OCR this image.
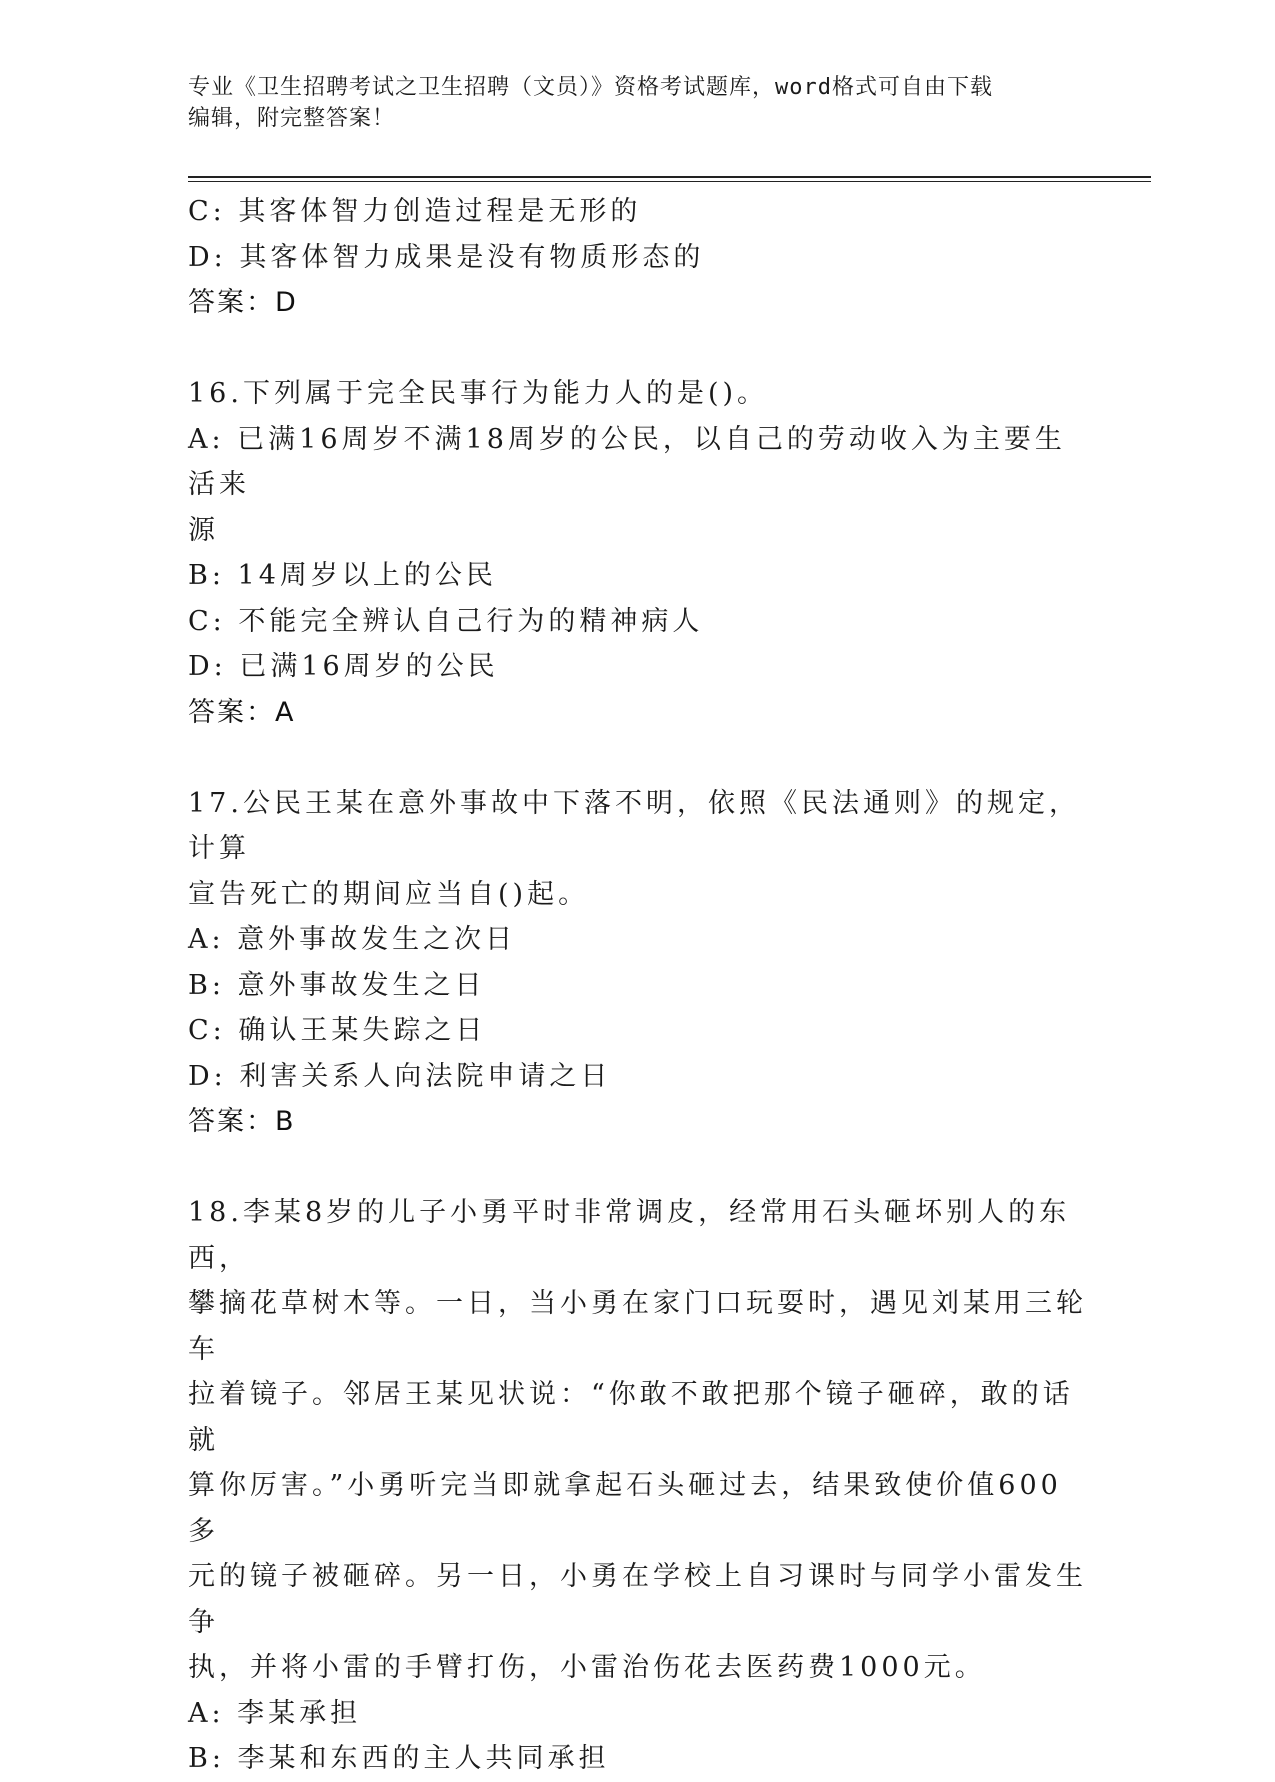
专业《卫生招聘考试之卫生招聘（文员）》资格考试题库，word格式可自由下载
编辑，附完整答案！
C: 其客体智力创造过程是无形的
D: 其客体智力成果是没有物质形态的
答案：D
16.下列属于完全民事行为能力人的是()。
A: 已满16周岁不满18周岁的公民，以自己的劳动收入为主要生活来
源
B: 14周岁以上的公民
C: 不能完全辨认自己行为的精神病人
D: 已满16周岁的公民
答案：A
17.公民王某在意外事故中下落不明，依照《民法通则》的规定，计算
宣告死亡的期间应当自()起。
A: 意外事故发生之次日
B: 意外事故发生之日
C: 确认王某失踪之日
D: 利害关系人向法院申请之日
答案：B
18.李某8岁的儿子小勇平时非常调皮，经常用石头砸坏别人的东西，
攀摘花草树木等。一日，当小勇在家门口玩耍时，遇见刘某用三轮车
拉着镜子。邻居王某见状说：“你敢不敢把那个镜子砸碎，敢的话就
算你厉害。”小勇听完当即就拿起石头砸过去，结果致使价值600多
元的镜子被砸碎。另一日，小勇在学校上自习课时与同学小雷发生争
执，并将小雷的手臂打伤，小雷治伤花去医药费1000元。
A: 李某承担
B: 李某和东西的主人共同承担
